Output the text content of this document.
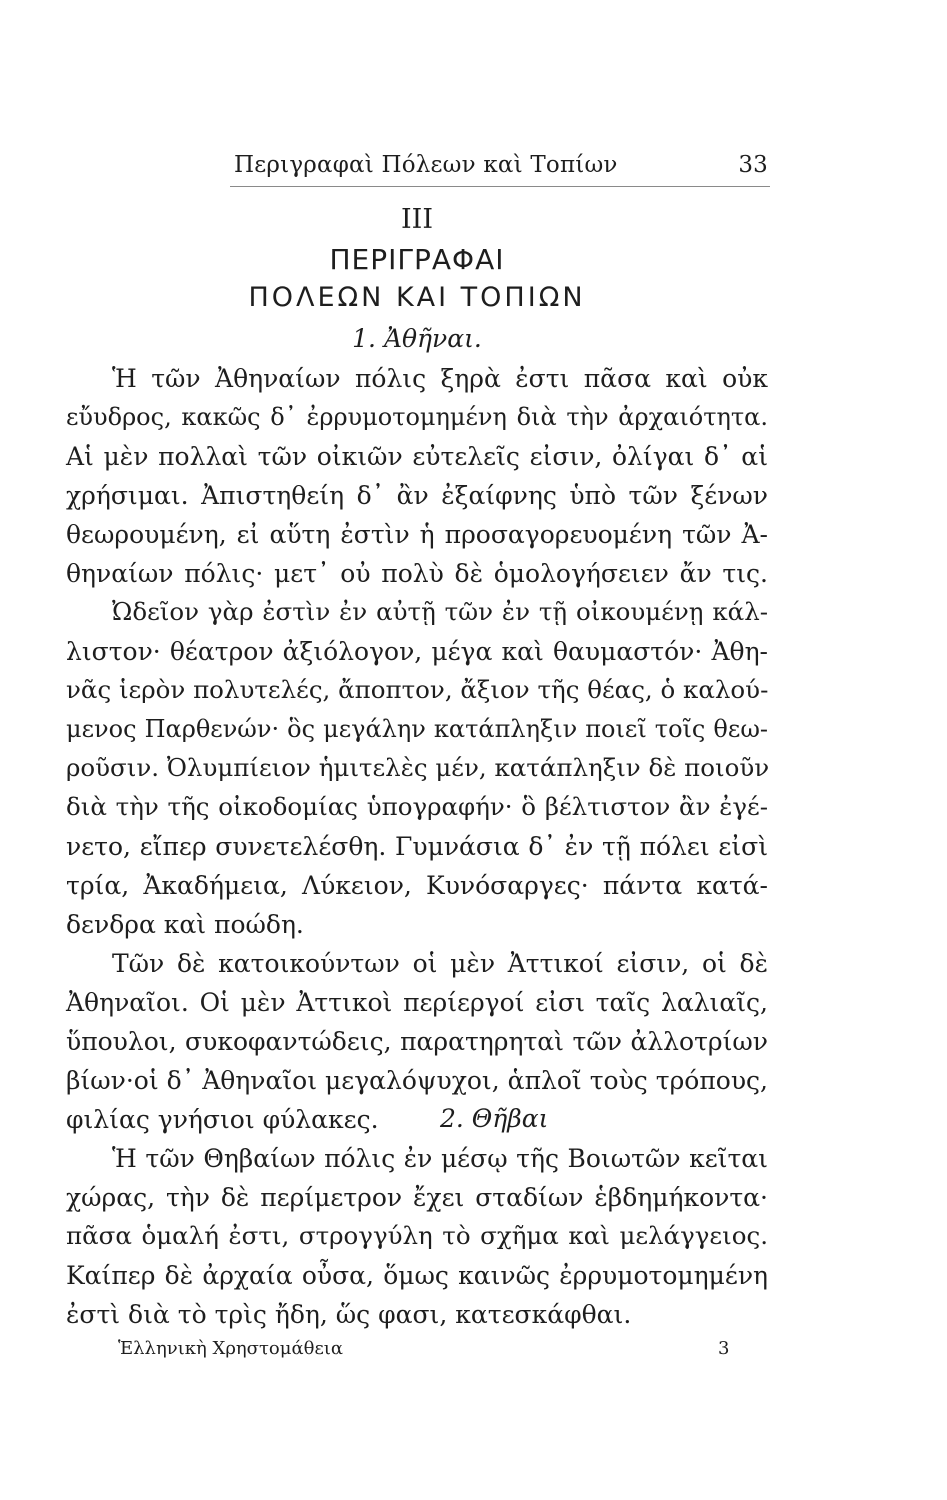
Περιγραφαὶ Πόλεων καὶ Τοπίων	33
III
ΠΕΡΙΓΡΑΦΑΙ
ΠΟΛΕΩΝ ΚΑΙ ΤΟΠΙΩΝ
1. Ἀθῆναι.
Ἡ τῶν Ἀθηναίων πόλις ξηρὰ ἐστι πᾶσα καὶ οὐκ
εὔυδρος, κακῶς δ᾽ ἐρρυμοτομημένη διὰ τὴν ἀρχαιότητα.
Αἱ μὲν πολλαὶ τῶν οἰκιῶν εὐτελεῖς εἰσιν, ὀλίγαι δ᾽ αἱ
χρήσιμαι. Ἀπιστηθείη δ᾽ ἂν ἐξαίφνης ὑπὸ τῶν ξένων
θεωρουμένη, εἰ αὕτη ἐστὶν ἡ προσαγορευομένη τῶν Ἀ-
θηναίων πόλις· μετ᾽ οὐ πολὺ δὲ ὁμολογήσειεν ἄν τις.
Ὠδεῖον γὰρ ἐστὶν ἐν αὐτῇ τῶν ἐν τῇ οἰκουμένῃ κάλ-
λιστον· θέατρον ἀξιόλογον, μέγα καὶ θαυμαστόν· Ἀθη-
νᾶς ἱερὸν πολυτελές, ἄποπτον, ἄξιον τῆς θέας, ὁ καλού-
μενος Παρθενών· ὃς μεγάλην κατάπληξιν ποιεῖ τοῖς θεω-
ροῦσιν. Ὀλυμπίειον ἡμιτελὲς μέν, κατάπληξιν δὲ ποιοῦν
διὰ τὴν τῆς οἰκοδομίας ὑπογραφήν· ὃ βέλτιστον ἂν ἐγέ-
νετο, εἴπερ συνετελέσθη. Γυμνάσια δ᾽ ἐν τῇ πόλει εἰσὶ
τρία, Ἀκαδήμεια, Λύκειον, Κυνόσαργες· πάντα κατά-
δενδρα καὶ ποώδη.
Τῶν δὲ κατοικούντων οἱ μὲν Ἀττικοί εἰσιν, οἱ δὲ
Ἀθηναῖοι. Οἱ μὲν Ἀττικοὶ περίεργοί εἰσι ταῖς λαλιαῖς,
ὕπουλοι, συκοφαντώδεις, παρατηρηταὶ τῶν ἀλλοτρίων
βίων·οἱ δ᾽ Ἀθηναῖοι μεγαλόψυχοι, ἁπλοῖ τοὺς τρόπους,
φιλίας γνήσιοι φύλακες.	2. Θῆβαι
Ἡ τῶν Θηβαίων πόλις ἐν μέσῳ τῆς Βοιωτῶν κεῖται
χώρας, τὴν δὲ περίμετρον ἔχει σταδίων ἑβδημήκοντα·
πᾶσα ὁμαλή ἐστι, στρογγύλη τὸ σχῆμα καὶ μελάγγειος.
Καίπερ δὲ ἀρχαία οὖσα, ὅμως καινῶς ἐρρυμοτομημένη
ἐστὶ διὰ τὸ τρὶς ἤδη, ὥς φασι, κατεσκάφθαι.
Ἑλληνικὴ Χρηστομάθεια	3
